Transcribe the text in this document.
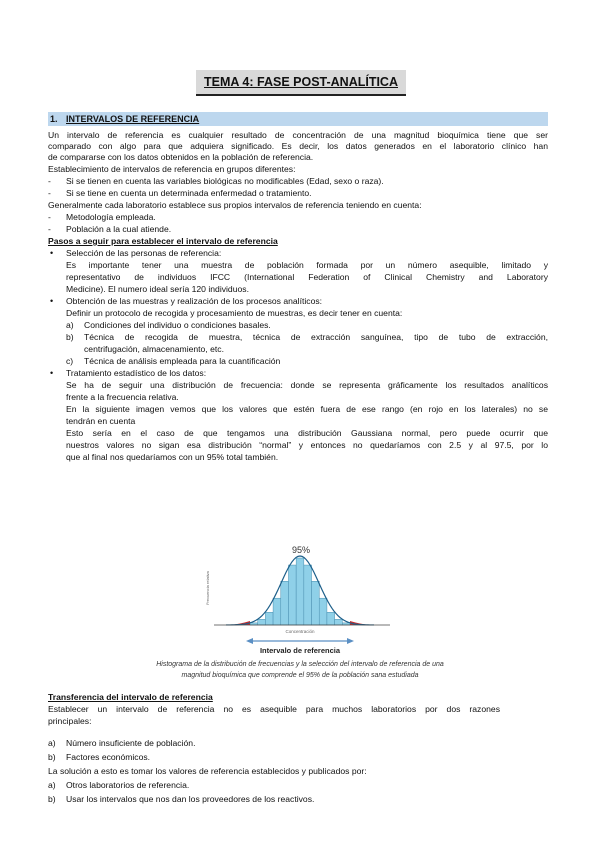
TEMA 4: FASE POST-ANALÍTICA
1. INTERVALOS DE REFERENCIA
Un intervalo de referencia es cualquier resultado de concentración de una magnitud bioquímica tiene que ser
comparado con algo para que adquiera significado. Es decir, los datos generados en el laboratorio clínico han
de compararse con los datos obtenidos en la población de referencia.
Establecimiento de intervalos de referencia en grupos diferentes:
- Si se tienen en cuenta las variables biológicas no modificables (Edad, sexo o raza).
- Si se tiene en cuenta un determinada enfermedad o tratamiento.
Generalmente cada laboratorio establece sus propios intervalos de referencia teniendo en cuenta:
- Metodología empleada.
- Población a la cual atiende.
Pasos a seguir para establecer el intervalo de referencia
• Selección de las personas de referencia:
Es importante tener una muestra de población formada por un número asequible, limitado y
representativo de individuos IFCC (International Federation of Clinical Chemistry and Laboratory
Medicine). El numero ideal sería 120 individuos.
• Obtención de las muestras y realización de los procesos analíticos:
Definir un protocolo de recogida y procesamiento de muestras, es decir tener en cuenta:
a) Condiciones del individuo o condiciones basales.
b) Técnica de recogida de muestra, técnica de extracción sanguínea, tipo de tubo de extracción,
centrifugación, almacenamiento, etc.
c) Técnica de análisis empleada para la cuantificación
• Tratamiento estadístico de los datos:
Se ha de seguir una distribución de frecuencia: donde se representa gráficamente los resultados analíticos
frente a la frecuencia relativa.
En la siguiente imagen vemos que los valores que estén fuera de ese rango (en rojo en los laterales) no se
tendrán en cuenta
Esto sería en el caso de que tengamos una distribución Gaussiana normal, pero puede ocurrir que
nuestros valores no sigan esa distribución “normal” y entonces no quedaríamos con 2.5 y al 97.5, por lo
que al final nos quedaríamos con un 95% total también.
95%
Frecuencia relativa
Concentración
Intervalo de referencia
Histograma de la distribución de frecuencias y la selección del intervalo de referencia de una
magnitud bioquímica que comprende el 95% de la población sana estudiada
Transferencia del intervalo de referencia
Establecer un intervalo de referencia no es asequible para muchos laboratorios por dos razones
principales:
a) Número insuficiente de población.
b) Factores económicos.
La solución a esto es tomar los valores de referencia establecidos y publicados por:
a) Otros laboratorios de referencia.
b) Usar los intervalos que nos dan los proveedores de los reactivos.
